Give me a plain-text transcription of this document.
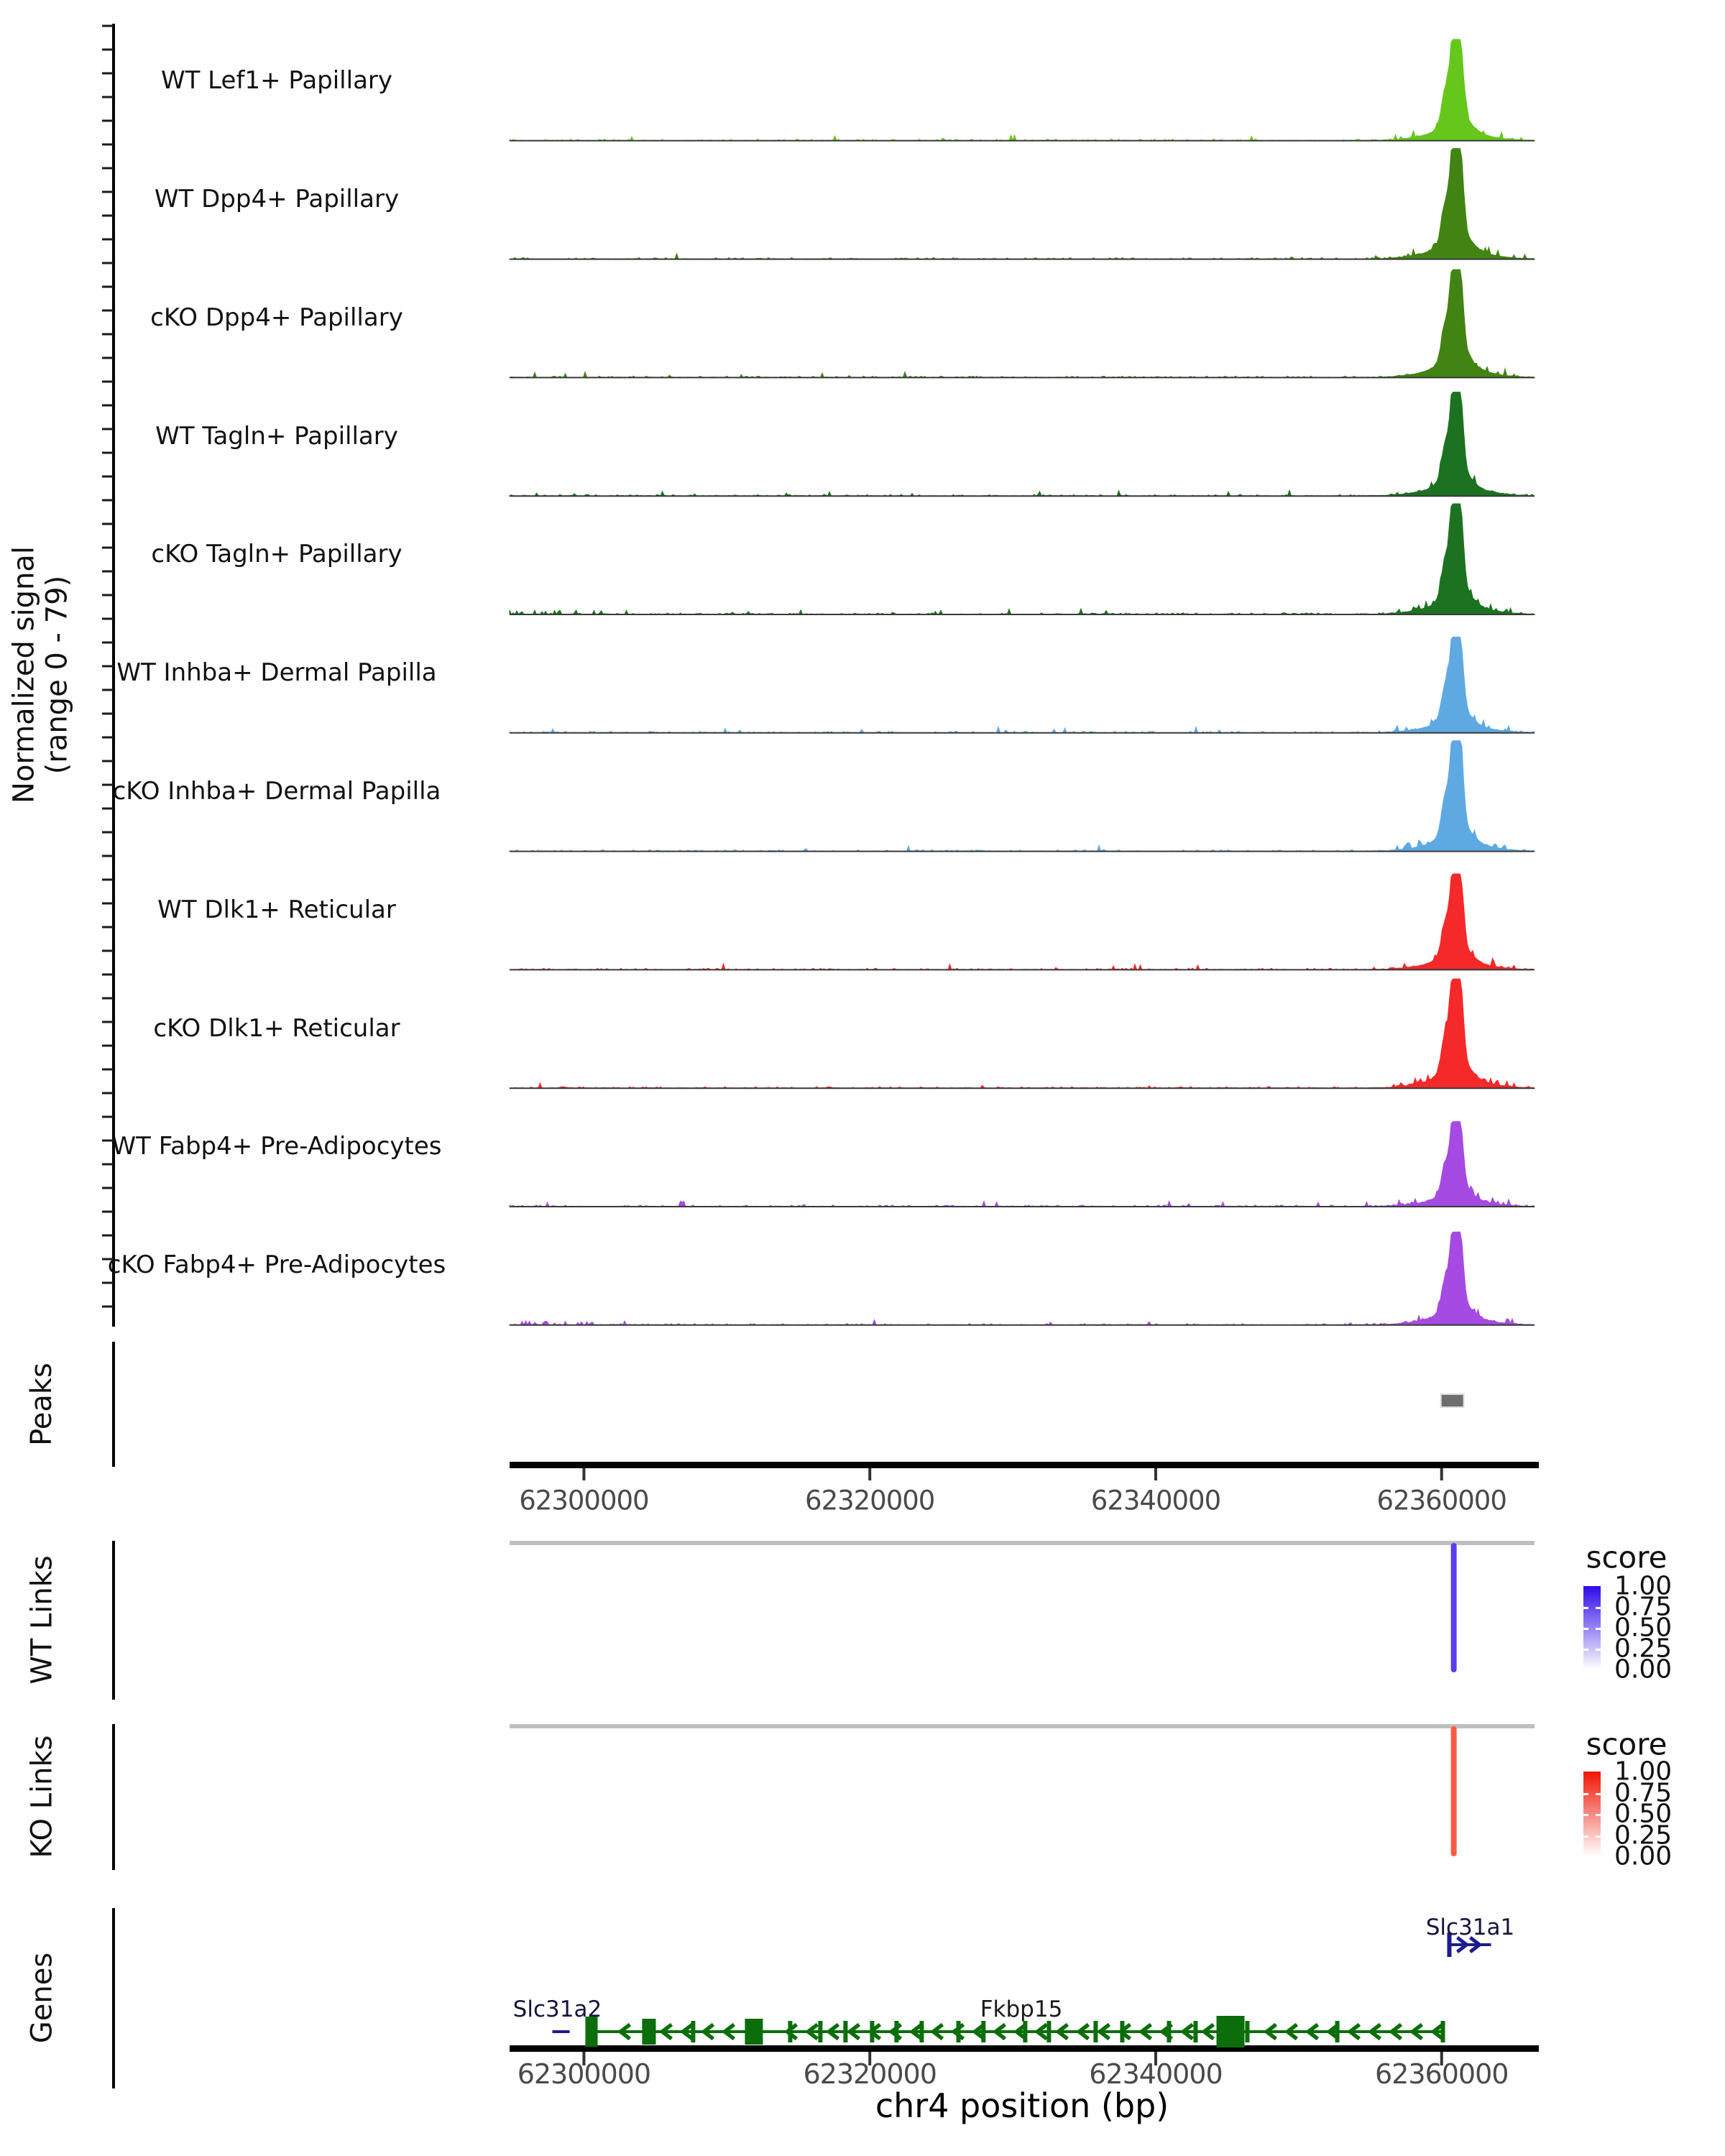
Normalized signal (range 0 - 79)
Peaks
WT Links
KO Links
Genes
WT Lef1+ Papillary
WT Dpp4+ Papillary
cKO Dpp4+ Papillary
WT Tagln+ Papillary
cKO Tagln+ Papillary
WT Inhba+ Dermal Papilla
cKO Inhba+ Dermal Papilla
WT Dlk1+ Reticular
cKO Dlk1+ Reticular
WT Fabp4+ Pre-Adipocytes
cKO Fabp4+ Pre-Adipocytes
62300000	62320000	62340000	62360000
62300000	62320000	62340000	62360000
Slc31a2	Fkbp15
Slc31a1
score
1.00
0.75
0.50
0.25
0.00
score
1.00
0.75
0.50
0.25
0.00
chr4 position (bp)
